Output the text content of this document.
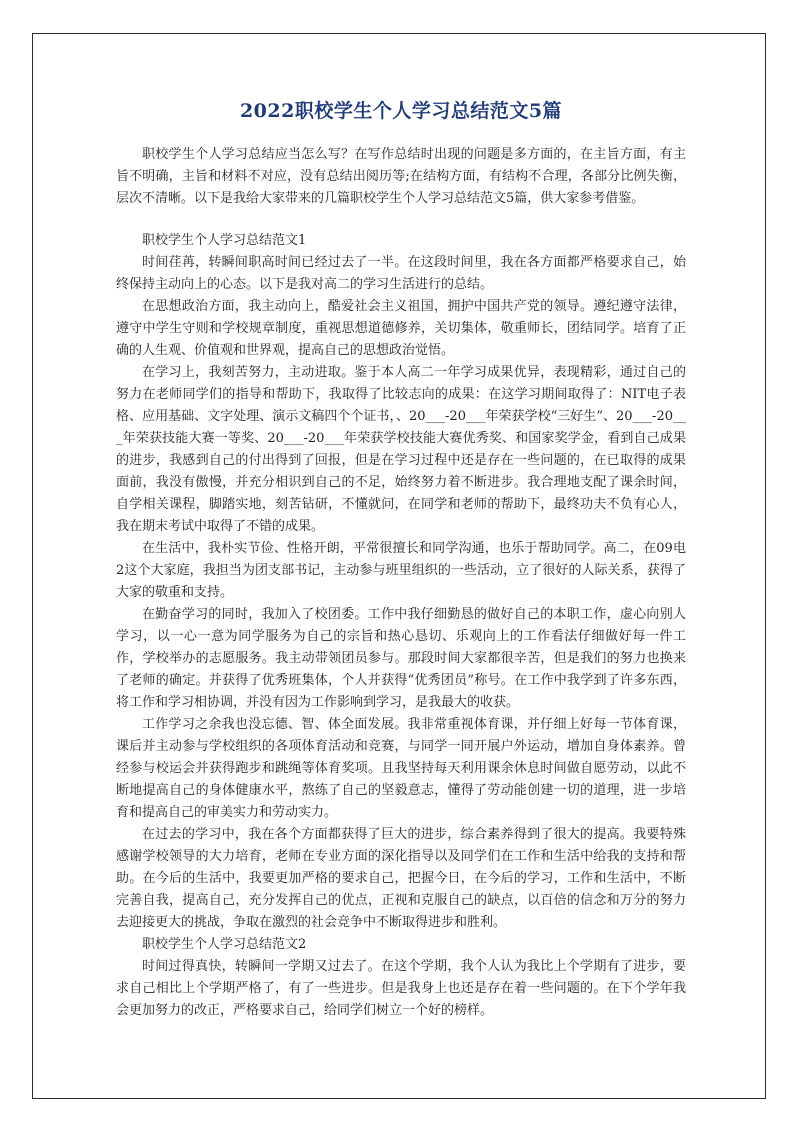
2022职校学生个人学习总结范文5篇

职校学生个人学习总结应当怎么写？在写作总结时出现的问题是多方面的，在主旨方面，有主旨不明确，主旨和材料不对应，没有总结出阅历等;在结构方面，有结构不合理，各部分比例失衡，层次不清晰。以下是我给大家带来的几篇职校学生个人学习总结范文5篇，供大家参考借鉴。

职校学生个人学习总结范文1

时间荏苒，转瞬间职高时间已经过去了一半。在这段时间里，我在各方面都严格要求自己，始终保持主动向上的心态。以下是我对高二的学习生活进行的总结。

在思想政治方面，我主动向上，酷爱社会主义祖国，拥护中国共产党的领导。遵纪遵守法律，遵守中学生守则和学校规章制度，重视思想道德修养，关切集体，敬重师长，团结同学。培育了正确的人生观、价值观和世界观，提高自己的思想政治觉悟。

在学习上，我刻苦努力，主动进取。鉴于本人高二一年学习成果优异，表现精彩，通过自己的努力在老师同学们的指导和帮助下，我取得了比较志向的成果：在这学习期间取得了：NIT电子表格、应用基础、文字处理、演示文稿四个个证书，、20___-20___年荣获学校“三好生”、20___-20___年荣获技能大赛一等奖、20___-20___年荣获学校技能大赛优秀奖、和国家奖学金，看到自己成果的进步，我感到自己的付出得到了回报，但是在学习过程中还是存在一些问题的，在已取得的成果面前，我没有傲慢，并充分相识到自己的不足，始终努力着不断进步。我合理地支配了课余时间，自学相关课程，脚踏实地，刻苦钻研，不懂就问，在同学和老师的帮助下，最终功夫不负有心人，我在期末考试中取得了不错的成果。

在生活中，我朴实节俭、性格开朗，平常很擅长和同学沟通，也乐于帮助同学。高二，在09电2这个大家庭，我担当为团支部书记，主动参与班里组织的一些活动，立了很好的人际关系，获得了大家的敬重和支持。

在勤奋学习的同时，我加入了校团委。工作中我仔细勤恳的做好自己的本职工作，虚心向别人学习，以一心一意为同学服务为自己的宗旨和热心恳切、乐观向上的工作看法仔细做好每一件工作，学校举办的志愿服务。我主动带领团员参与。那段时间大家都很辛苦，但是我们的努力也换来了老师的确定。并获得了优秀班集体，个人并获得“优秀团员”称号。在工作中我学到了许多东西，将工作和学习相协调，并没有因为工作影响到学习，是我最大的收获。

工作学习之余我也没忘德、智、体全面发展。我非常重视体育课，并仔细上好每一节体育课，课后并主动参与学校组织的各项体育活动和竞赛，与同学一同开展户外运动，增加自身体素养。曾经参与校运会并获得跑步和跳绳等体育奖项。且我坚持每天利用课余休息时间做自愿劳动，以此不断地提高自己的身体健康水平，熬练了自己的坚毅意志，懂得了劳动能创建一切的道理，进一步培育和提高自己的审美实力和劳动实力。

在过去的学习中，我在各个方面都获得了巨大的进步，综合素养得到了很大的提高。我要特殊感谢学校领导的大力培育，老师在专业方面的深化指导以及同学们在工作和生活中给我的支持和帮助。在今后的生活中，我要更加严格的要求自己，把握今日，在今后的学习，工作和生活中，不断完善自我，提高自己，充分发挥自己的优点，正视和克服自己的缺点，以百倍的信念和万分的努力去迎接更大的挑战，争取在激烈的社会竞争中不断取得进步和胜利。

职校学生个人学习总结范文2

时间过得真快，转瞬间一学期又过去了。在这个学期，我个人认为我比上个学期有了进步，要求自己相比上个学期严格了，有了一些进步。但是我身上也还是存在着一些问题的。在下个学年我会更加努力的改正，严格要求自己，给同学们树立一个好的榜样。
